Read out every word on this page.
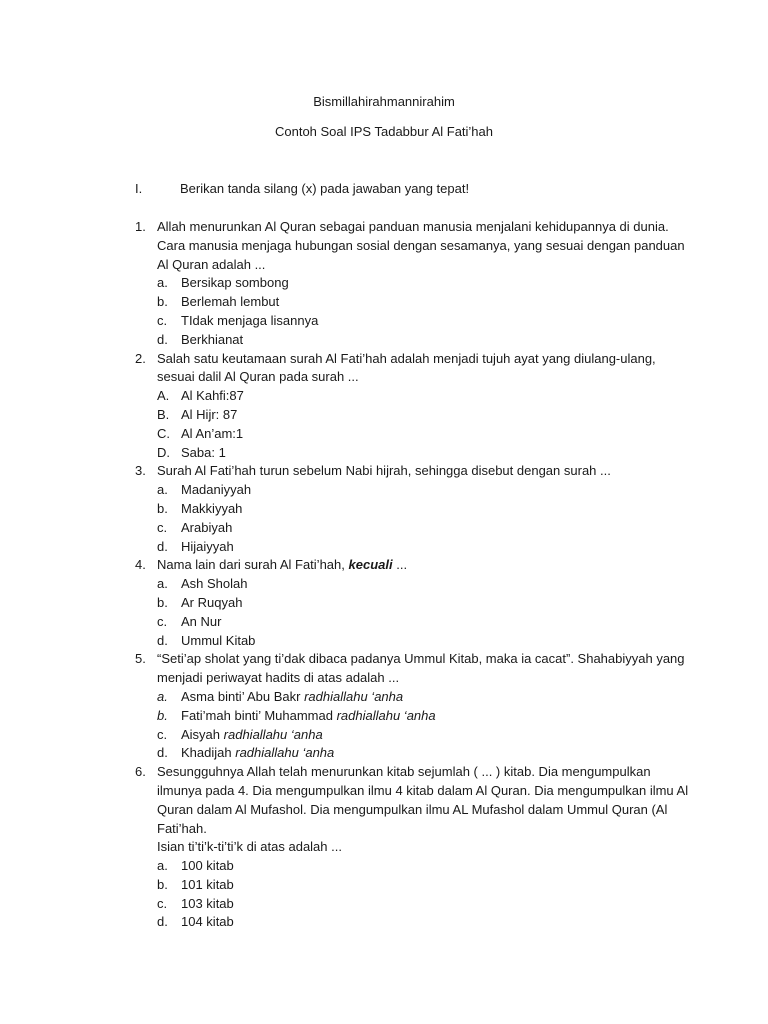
Bismillahirahmannirahim
Contoh Soal IPS Tadabbur Al Fati’hah
I.	Berikan tanda silang (x) pada jawaban yang tepat!
1. Allah menurunkan Al Quran sebagai panduan manusia menjalani kehidupannya di dunia. Cara manusia menjaga hubungan sosial dengan sesamanya, yang sesuai dengan panduan Al Quran adalah ...
a. Bersikap sombong
b. Berlemah lembut
c. TIdak menjaga lisannya
d. Berkhianat
2. Salah satu keutamaan surah Al Fati’hah adalah menjadi tujuh ayat yang diulang-ulang, sesuai dalil Al Quran pada surah ...
A. Al Kahfi:87
B. Al Hijr: 87
C. Al An’am:1
D. Saba: 1
3. Surah Al Fati’hah turun sebelum Nabi hijrah, sehingga disebut dengan surah ...
a. Madaniyyah
b. Makkiyyah
c. Arabiyah
d. Hijaiyyah
4. Nama lain dari surah Al Fati’hah, kecuali ...
a. Ash Sholah
b. Ar Ruqyah
c. An Nur
d. Ummul Kitab
5. “Seti’ap sholat yang ti’dak dibaca padanya Ummul Kitab, maka ia cacat”. Shahabiyyah yang menjadi periwayat hadits di atas adalah ...
a. Asma binti’ Abu Bakr radhiallahu ‘anha
b. Fati’mah binti’ Muhammad radhiallahu ‘anha
c. Aisyah radhiallahu ‘anha
d. Khadijah radhiallahu ‘anha
6. Sesungguhnya Allah telah menurunkan kitab sejumlah ( ... ) kitab. Dia mengumpulkan ilmunya pada 4. Dia mengumpulkan ilmu 4 kitab dalam Al Quran. Dia mengumpulkan ilmu Al Quran dalam Al Mufashol. Dia mengumpulkan ilmu AL Mufashol dalam Ummul Quran (Al Fati’hah.
Isian ti’ti’k-ti’ti’k di atas adalah ...
a. 100 kitab
b. 101 kitab
c. 103 kitab
d. 104 kitab
